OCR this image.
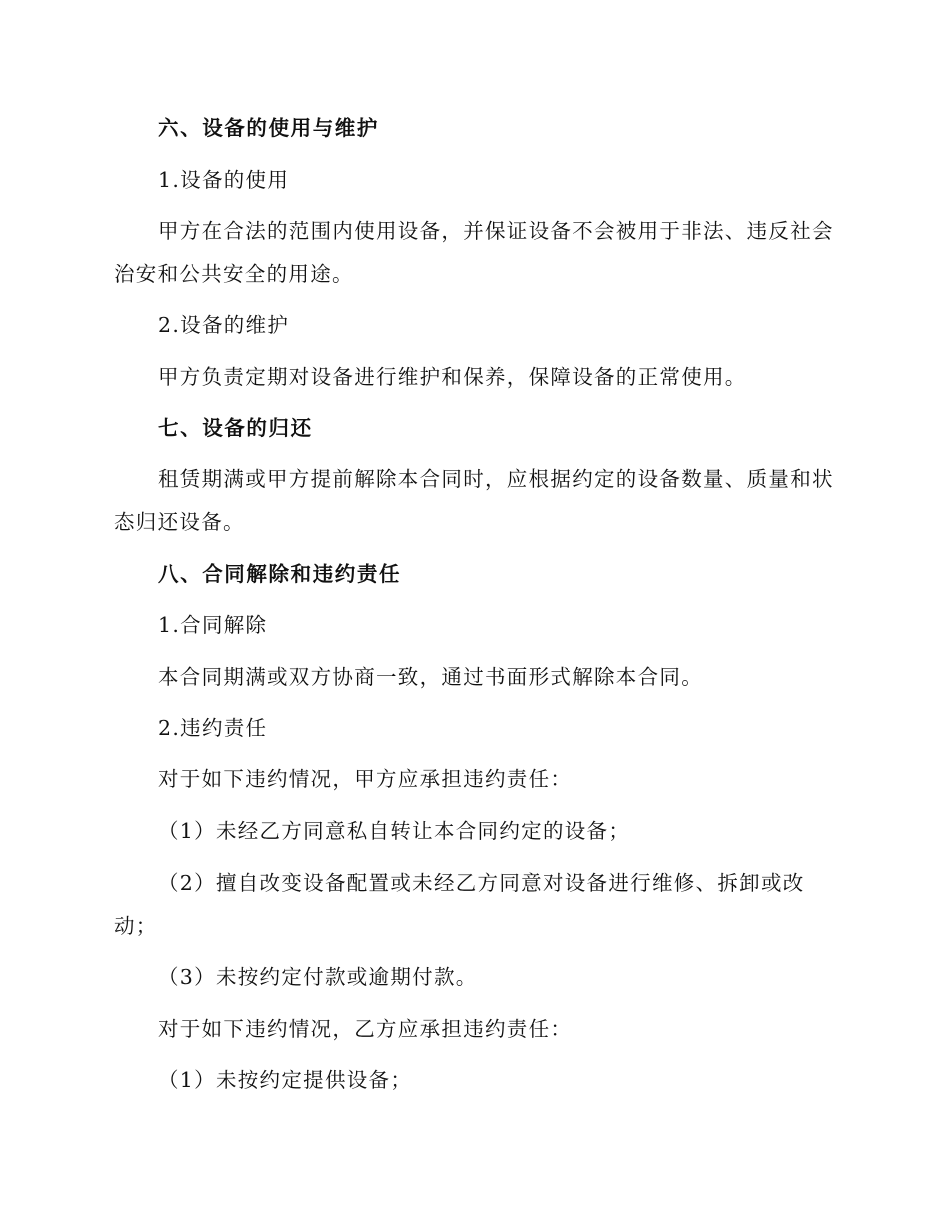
六、设备的使用与维护
1.设备的使用
甲方在合法的范围内使用设备，并保证设备不会被用于非法、违反社会
治安和公共安全的用途。
2.设备的维护
甲方负责定期对设备进行维护和保养，保障设备的正常使用。
七、设备的归还
租赁期满或甲方提前解除本合同时，应根据约定的设备数量、质量和状
态归还设备。
八、合同解除和违约责任
1.合同解除
本合同期满或双方协商一致，通过书面形式解除本合同。
2.违约责任
对于如下违约情况，甲方应承担违约责任：
（1）未经乙方同意私自转让本合同约定的设备；
（2）擅自改变设备配置或未经乙方同意对设备进行维修、拆卸或改
动；
（3）未按约定付款或逾期付款。
对于如下违约情况，乙方应承担违约责任：
（1）未按约定提供设备；
